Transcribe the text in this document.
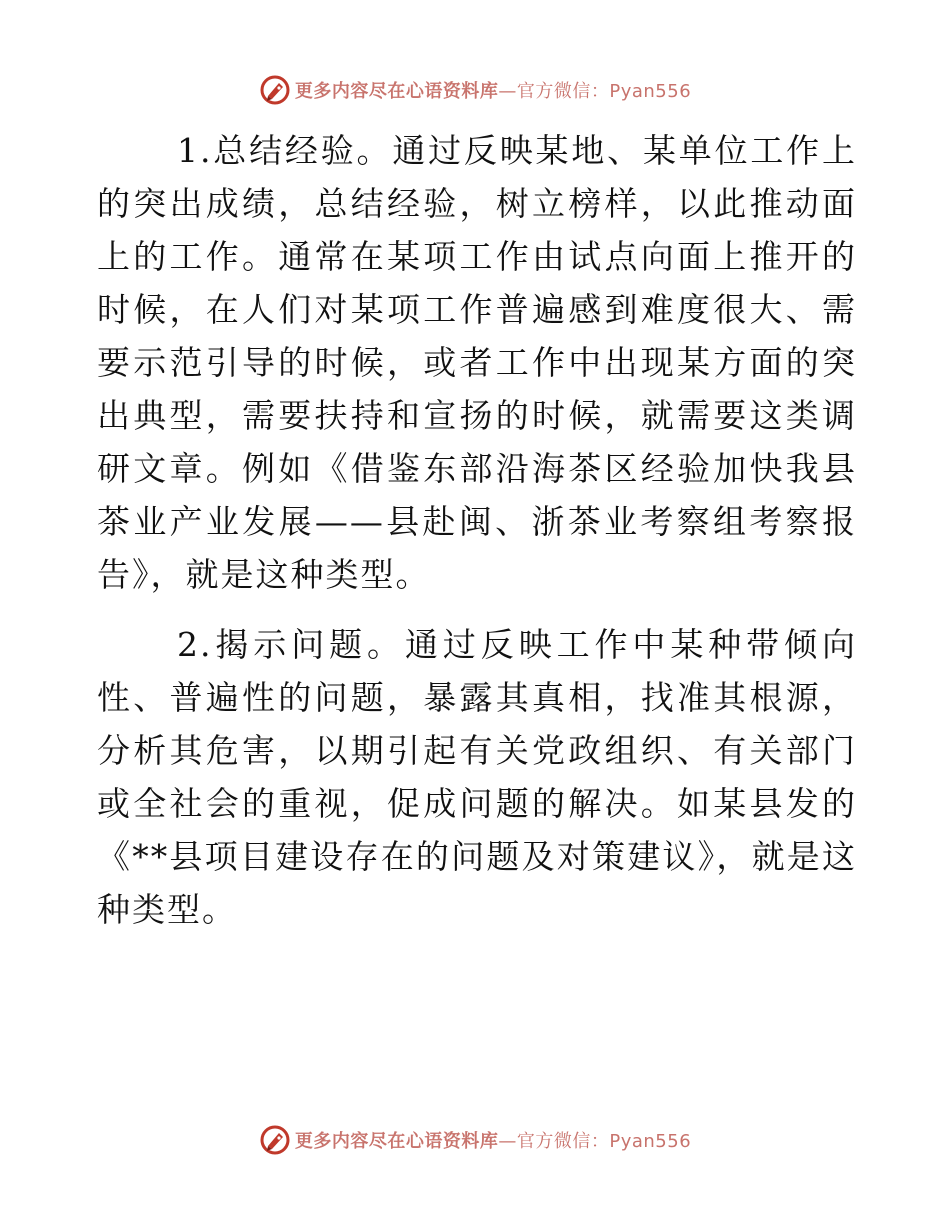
更多内容尽在心语资料库—官方微信：Pyan556

1.总结经验。通过反映某地、某单位工作上的突出成绩，总结经验，树立榜样，以此推动面上的工作。通常在某项工作由试点向面上推开的时候，在人们对某项工作普遍感到难度很大、需要示范引导的时候，或者工作中出现某方面的突出典型，需要扶持和宣扬的时候，就需要这类调研文章。例如《借鉴东部沿海茶区经验加快我县茶业产业发展——县赴闽、浙茶业考察组考察报告》，就是这种类型。

2.揭示问题。通过反映工作中某种带倾向性、普遍性的问题，暴露其真相，找准其根源，分析其危害，以期引起有关党政组织、有关部门或全社会的重视，促成问题的解决。如某县发的《**县项目建设存在的问题及对策建议》，就是这种类型。

更多内容尽在心语资料库—官方微信：Pyan556
